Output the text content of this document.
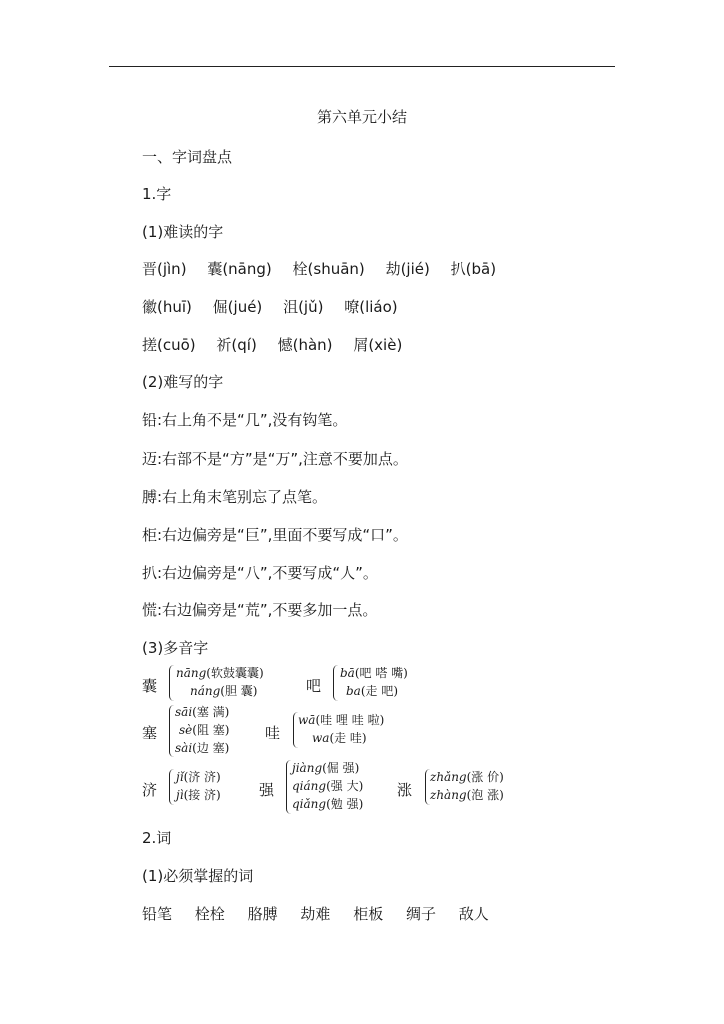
第六单元小结
一、字词盘点
1.字
(1)难读的字
晋(jìn) 囊(nāng) 栓(shuān) 劫(jié) 扒(bā)
徽(huī) 倔(jué) 沮(jǔ) 嘹(liáo)
搓(cuō) 祈(qí) 憾(hàn) 屑(xiè)
(2)难写的字
铅:右上角不是“几”,没有钩笔。
迈:右部不是“方”是“万”,注意不要加点。
膊:右上角末笔别忘了点笔。
柜:右边偏旁是“巨”,里面不要写成“口”。
扒:右边偏旁是“八”,不要写成“人”。
慌:右边偏旁是“荒”,不要多加一点。
(3)多音字
囊
nāng(软鼓囊囊)
náng(胆 囊)	吧
bā(吧 嗒 嘴)
ba(走 吧)
塞
sāi(塞 满)
sè(阻 塞)
sài(边 塞)
哇
wā(哇 哩 哇 啦)
wa(走 哇)
济
jǐ(济 济)
jì(接 济)	强
jiàng(倔 强)
qiáng(强 大)
qiǎng(勉 强)
涨
zhǎng(涨 价)
zhàng(泡 涨)
2.词
(1)必须掌握的词
铅笔 栓栓 胳膊 劫难 柜板 绸子 敌人
